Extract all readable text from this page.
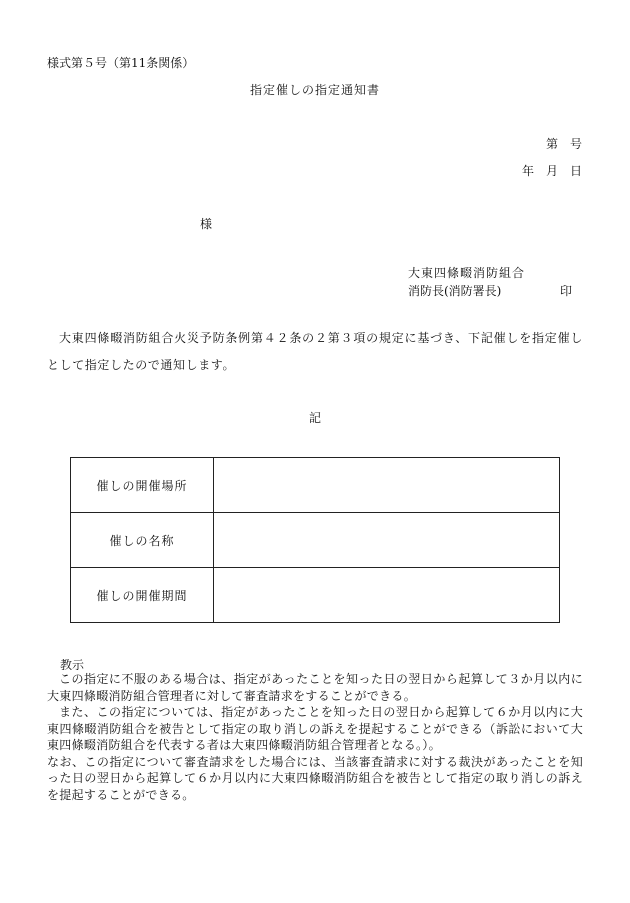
様式第５号（第11条関係）
指定催しの指定通知書
第　号
年　月　日
様
大東四條畷消防組合
消防長(消防署長)	印
大東四條畷消防組合火災予防条例第４２条の２第３項の規定に基づき、下記催しを指定催しとして指定したので通知します。
記
催しの開催場所	
催しの名称	
催しの開催期間	
教示

この指定に不服のある場合は、指定があったことを知った日の翌日から起算して３か月以内に大東四條畷消防組合管理者に対して審査請求をすることができる。

また、この指定については、指定があったことを知った日の翌日から起算して６か月以内に大東四條畷消防組合を被告として指定の取り消しの訴えを提起することができる（訴訟において大東四條畷消防組合を代表する者は大東四條畷消防組合管理者となる。）。

なお、この指定について審査請求をした場合には、当該審査請求に対する裁決があったことを知った日の翌日から起算して６か月以内に大東四條畷消防組合を被告として指定の取り消しの訴えを提起することができる。
